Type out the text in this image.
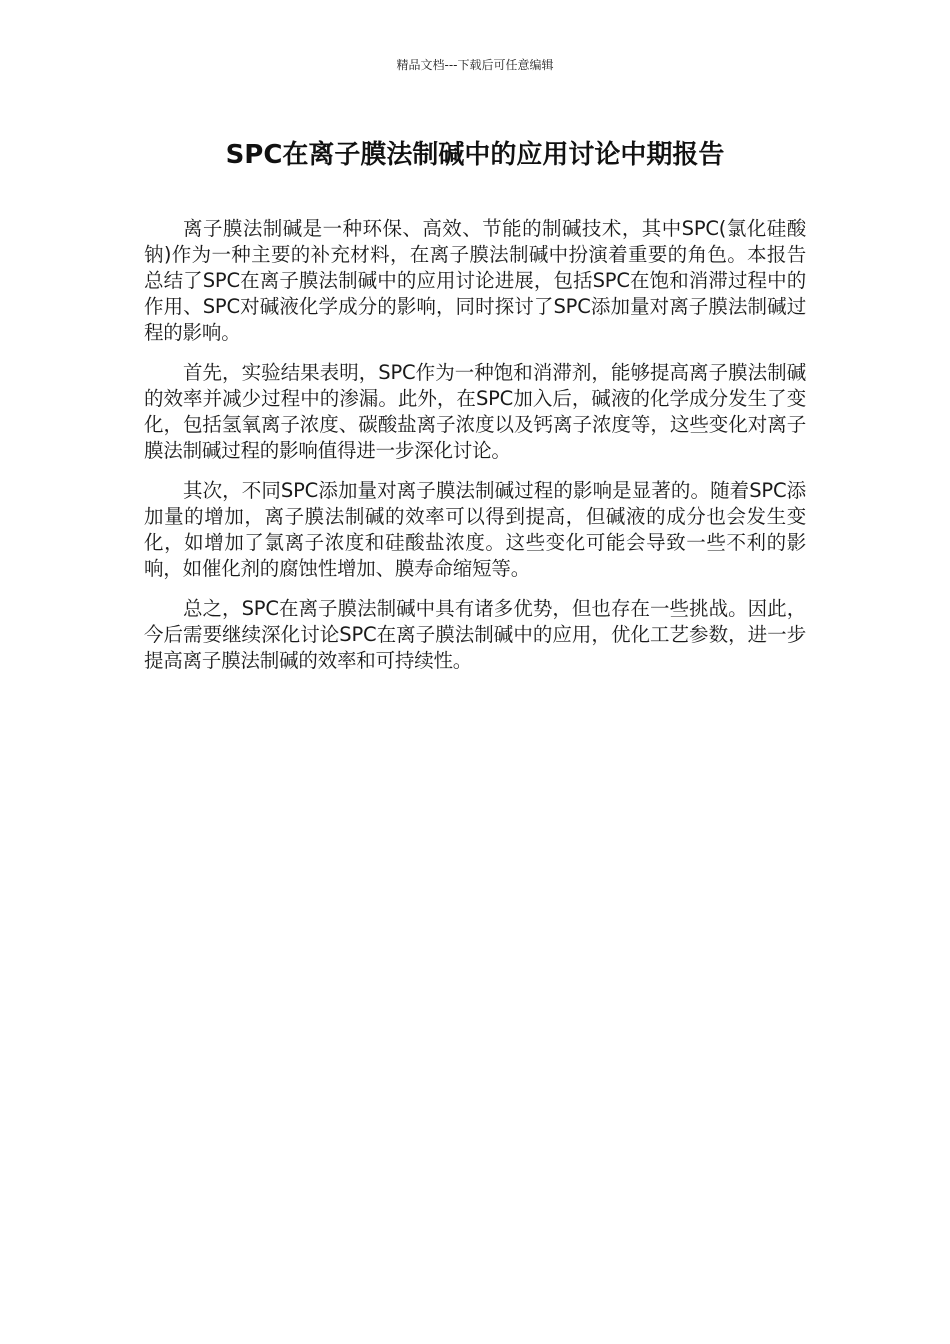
精品文档---下载后可任意编辑
SPC在离子膜法制碱中的应用讨论中期报告

离子膜法制碱是一种环保、高效、节能的制碱技术，其中SPC(氯化硅酸钠)作为一种主要的补充材料，在离子膜法制碱中扮演着重要的角色。本报告总结了SPC在离子膜法制碱中的应用讨论进展，包括SPC在饱和消滞过程中的作用、SPC对碱液化学成分的影响，同时探讨了SPC添加量对离子膜法制碱过程的影响。

首先，实验结果表明，SPC作为一种饱和消滞剂，能够提高离子膜法制碱的效率并减少过程中的渗漏。此外，在SPC加入后，碱液的化学成分发生了变化，包括氢氧离子浓度、碳酸盐离子浓度以及钙离子浓度等，这些变化对离子膜法制碱过程的影响值得进一步深化讨论。

其次，不同SPC添加量对离子膜法制碱过程的影响是显著的。随着SPC添加量的增加，离子膜法制碱的效率可以得到提高，但碱液的成分也会发生变化，如增加了氯离子浓度和硅酸盐浓度。这些变化可能会导致一些不利的影响，如催化剂的腐蚀性增加、膜寿命缩短等。

总之，SPC在离子膜法制碱中具有诸多优势，但也存在一些挑战。因此，今后需要继续深化讨论SPC在离子膜法制碱中的应用，优化工艺参数，进一步提高离子膜法制碱的效率和可持续性。
